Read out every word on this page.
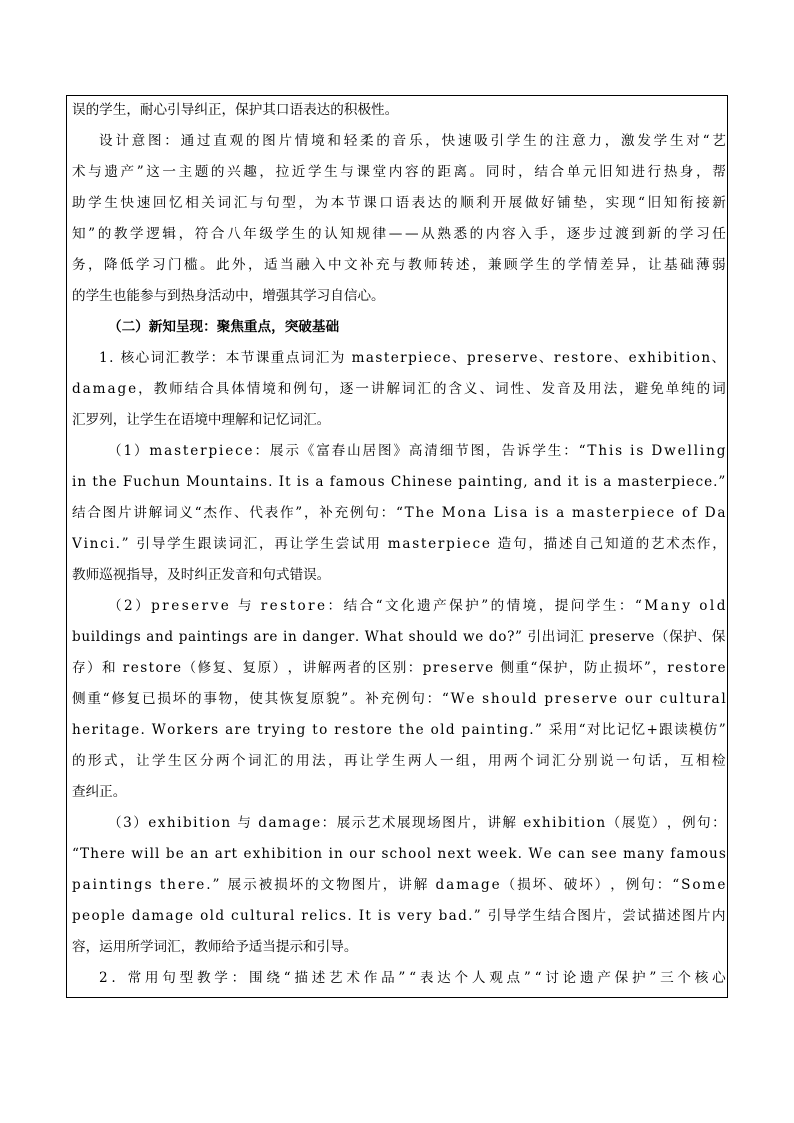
误的学生，耐心引导纠正，保护其口语表达的积极性。
设 计 意 图 ： 通 过 直 观 的 图 片 情 境 和 轻 柔 的 音 乐 ， 快 速 吸 引 学 生 的 注 意 力 ， 激 发 学 生 对 “ 艺
术 与 遗 产 ” 这 一 主 题 的 兴 趣 ， 拉 近 学 生 与 课 堂 内 容 的 距 离 。 同 时 ， 结 合 单 元 旧 知 进 行 热 身 ， 帮
助 学 生 快 速 回 忆 相 关 词 汇 与 句 型 ， 为 本 节 课 口 语 表 达 的 顺 利 开 展 做 好 铺 垫 ， 实 现 “ 旧 知 衔 接 新
知 ” 的 教 学 逻 辑 ， 符 合 八 年 级 学 生 的 认 知 规 律 — — 从 熟 悉 的 内 容 入 手 ， 逐 步 过 渡 到 新 的 学 习 任
务 ， 降 低 学 习 门 槛 。 此 外 ， 适 当 融 入 中 文 补 充 与 教 师 转 述 ， 兼 顾 学 生 的 学 情 差 异 ， 让 基 础 薄 弱
的学生也能参与到热身活动中，增强其学习自信心。
（二）新知呈现：聚焦重点，突破基础
1 .
核 心 词 汇 教 学 ： 本 节 课 重 点 词 汇 为
m a s t e r p i e c e 、 p r e s e r v e 、 r e s t o r e 、 e x h i b i t i o n 、
d a m a g e ， 教 师 结 合 具 体 情 境 和 例 句 ， 逐 一 讲 解 词 汇 的 含 义 、 词 性 、 发 音 及 用 法 ， 避 免 单 纯 的 词
汇罗列，让学生在语境中理解和记忆词汇。
（ 1 ） m a s t e r p i e c e ： 展 示 《 富 春 山 居 图 》 高 清 细 节 图 ， 告 诉 学 生 ： “ T h i s
i s
D w e l l i n g
i n
t h e
F u c h u n
M o u n t a i n s .
I t
i s
a
f a m o u s
C h i n e s e
p a i n t i n g ,
a n d
i t
i s
a
m a s t e r p i e c e . ”
结 合 图 片 讲 解 词 义 “ 杰 作 、 代 表 作 ” ， 补 充 例 句 ： “ T h e
M o n a
L i s a
i s
a
m a s t e r p i e c e
o f
D a
V i n c i . ”
引 导 学 生 跟 读 词 汇 ， 再 让 学 生 尝 试 用
m a s t e r p i e c e
造 句 ， 描 述 自 己 知 道 的 艺 术 杰 作 ，
教师巡视指导，及时纠正发音和句式错误。
（ 2 ） p r e s e r v e
与
r e s t o r e ： 结 合 “ 文 化 遗 产 保 护 ” 的 情 境 ， 提 问 学 生 ： “ M a n y
o l d
b u i l d i n g s
a n d
p a i n t i n g s
a r e
i n
d a n g e r .
W h a t
s h o u l d
w e
d o ? ”
引 出 词 汇
p r e s e r v e （ 保 护 、 保
存 ） 和
r e s t o r e （ 修 复 、 复 原 ） ， 讲 解 两 者 的 区 别 ： p r e s e r v e
侧 重 “ 保 护 ， 防 止 损 坏 ” ， r e s t o r e
侧 重 “ 修 复 已 损 坏 的 事 物 ， 使 其 恢 复 原 貌 ” 。 补 充 例 句 ： “ W e
s h o u l d
p r e s e r v e
o u r
c u l t u r a l
h e r i t a g e .
W o r k e r s
a r e
t r y i n g
t o
r e s t o r e
t h e
o l d
p a i n t i n g . ”
采 用 “ 对 比 记 忆 + 跟 读 模 仿 ”
的 形 式 ， 让 学 生 区 分 两 个 词 汇 的 用 法 ， 再 让 学 生 两 人 一 组 ， 用 两 个 词 汇 分 别 说 一 句 话 ， 互 相 检
查纠正。
（ 3 ） e x h i b i t i o n
与
d a m a g e ： 展 示 艺 术 展 现 场 图 片 ， 讲 解
e x h i b i t i o n （ 展 览 ） ， 例 句 ：
“ T h e r e
w i l l
b e
a n
a r t
e x h i b i t i o n
i n
o u r
s c h o o l
n e x t
w e e k .
W e
c a n
s e e
m a n y
f a m o u s
p a i n t i n g s
t h e r e . ”
展 示 被 损 坏 的 文 物 图 片 ， 讲 解
d a m a g e （ 损 坏 、 破 坏 ） ， 例 句 ： “ S o m e
p e o p l e
d a m a g e
o l d
c u l t u r a l
r e l i c s .
I t
i s
v e r y
b a d . ”
引 导 学 生 结 合 图 片 ， 尝 试 描 述 图 片 内
容，运用所学词汇，教师给予适当提示和引导。
2 .
常 用 句 型 教 学 ： 围 绕 “ 描 述 艺 术 作 品 ” “ 表 达 个 人 观 点 ” “ 讨 论 遗 产 保 护 ” 三 个 核 心
